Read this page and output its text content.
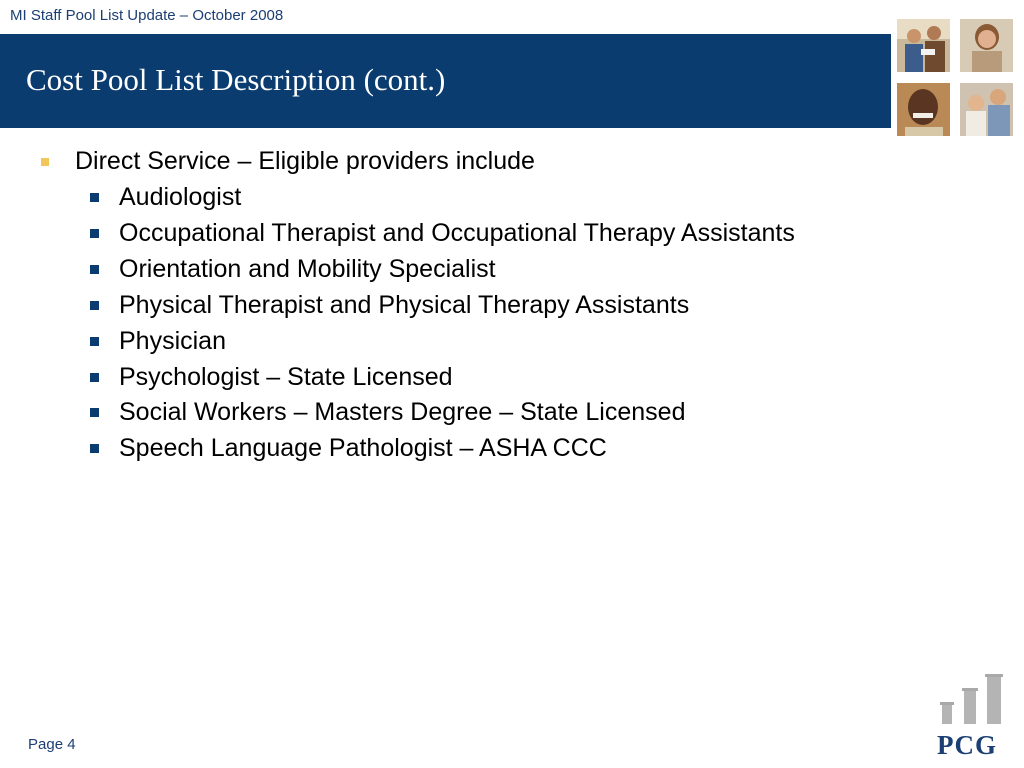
MI Staff Pool List Update – October 2008
Cost Pool List Description (cont.)
Direct Service – Eligible providers include
Audiologist
Occupational Therapist and Occupational Therapy Assistants
Orientation and Mobility Specialist
Physical Therapist and Physical Therapy Assistants
Physician
Psychologist – State Licensed
Social Workers – Masters Degree – State Licensed
Speech Language Pathologist – ASHA CCC
Page 4	PCG
